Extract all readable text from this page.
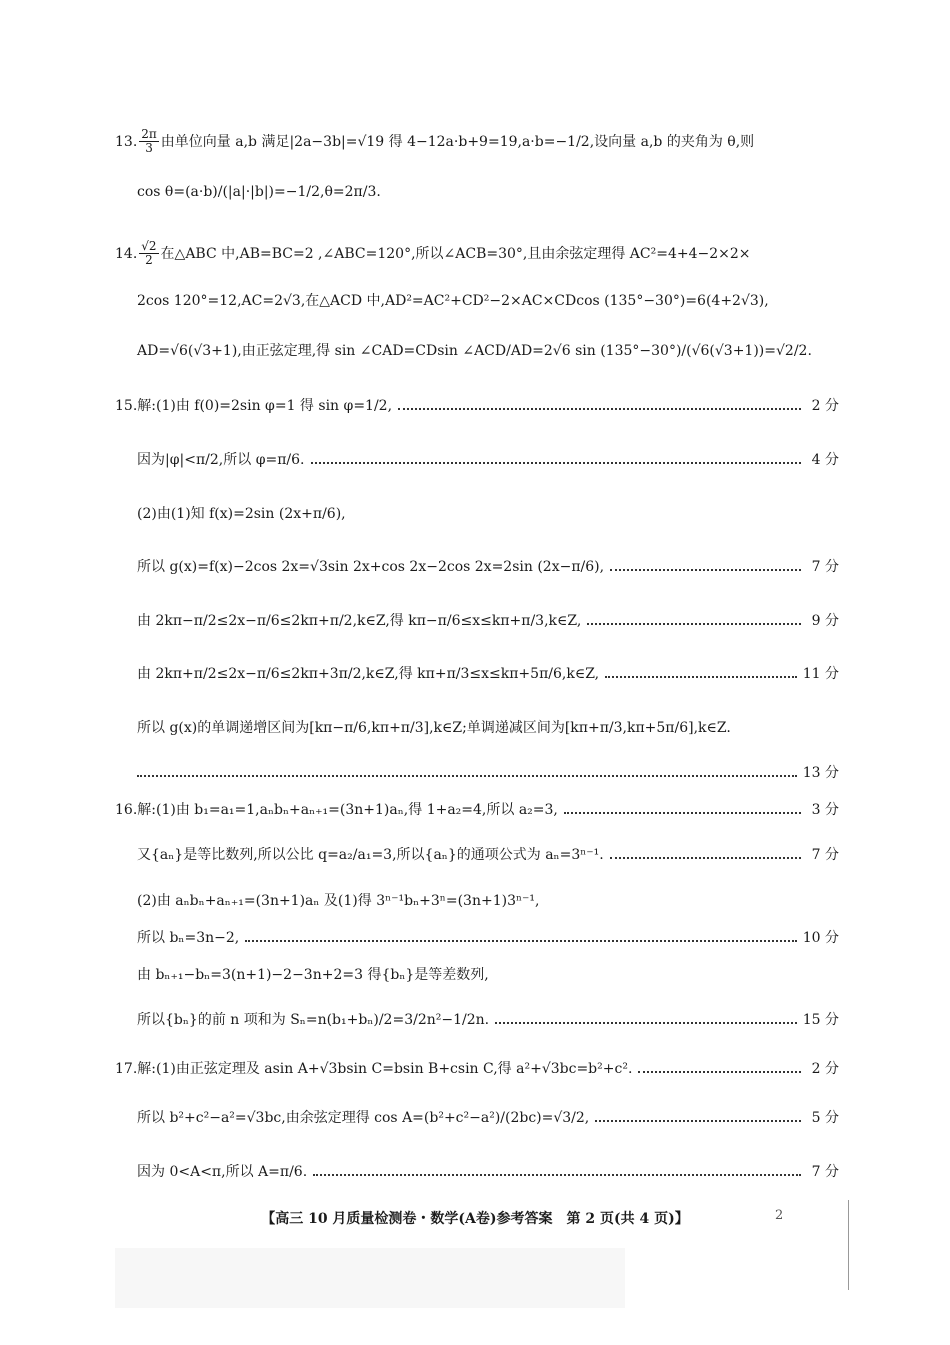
13. $\frac{2\pi}{3}$ 由单位向量 a,b 满足|2a−3b|=√19 得 4−12a·b+9=19,a·b=−1/2,设向量 a,b 的夹角为 θ,则
cos θ=(a·b)/(|a|·|b|)=−1/2,θ=2π/3.
14. $\frac{√2}{2}$ 在△ABC 中,AB=BC=2 ,∠ABC=120°,所以∠ACB=30°,且由余弦定理得 AC²=4+4−2×2×
2cos 120°=12,AC=2√3,在△ACD 中,AD²=AC²+CD²−2×AC×CDcos (135°−30°)=6(4+2√3),
AD=√6(√3+1),由正弦定理,得 sin ∠CAD=CDsin ∠ACD/AD=2√6 sin (135°−30°)/(√6(√3+1))=√2/2.
15. 解:(1)由 f(0)=2sin φ=1 得 sin φ=1/2,	2 分
因为|φ|<π/2,所以 φ=π/6.	4 分
(2)由(1)知 f(x)=2sin (2x+π/6),
所以 g(x)=f(x)−2cos 2x=√3sin 2x+cos 2x−2cos 2x=2sin (2x−π/6),	7 分
由 2kπ−π/2≤2x−π/6≤2kπ+π/2,k∈Z,得 kπ−π/6≤x≤kπ+π/3,k∈Z,	9 分
由 2kπ+π/2≤2x−π/6≤2kπ+3π/2,k∈Z,得 kπ+π/3≤x≤kπ+5π/6,k∈Z,	11 分
所以 g(x)的单调递增区间为[kπ−π/6,kπ+π/3],k∈Z;单调递减区间为[kπ+π/3,kπ+5π/6],k∈Z.
13 分
16. 解:(1)由 b₁=a₁=1,aₙbₙ+aₙ₊₁=(3n+1)aₙ,得 1+a₂=4,所以 a₂=3,	3 分
又{aₙ}是等比数列,所以公比 q=a₂/a₁=3,所以{aₙ}的通项公式为 aₙ=3ⁿ⁻¹.	7 分
(2)由 aₙbₙ+aₙ₊₁=(3n+1)aₙ 及(1)得 3ⁿ⁻¹bₙ+3ⁿ=(3n+1)3ⁿ⁻¹,
所以 bₙ=3n−2,	10 分
由 bₙ₊₁−bₙ=3(n+1)−2−3n+2=3 得{bₙ}是等差数列,
所以{bₙ}的前 n 项和为 Sₙ=n(b₁+bₙ)/2=3/2n²−1/2n.	15 分
17. 解:(1)由正弦定理及 asin A+√3bsin C=bsin B+csin C,得 a²+√3bc=b²+c².	2 分
所以 b²+c²−a²=√3bc,由余弦定理得 cos A=(b²+c²−a²)/(2bc)=√3/2,	5 分
因为 0<A<π,所以 A=π/6.	7 分
【高三 10 月质量检测卷・数学(A卷)参考答案　第 2 页(共 4 页)】	2
